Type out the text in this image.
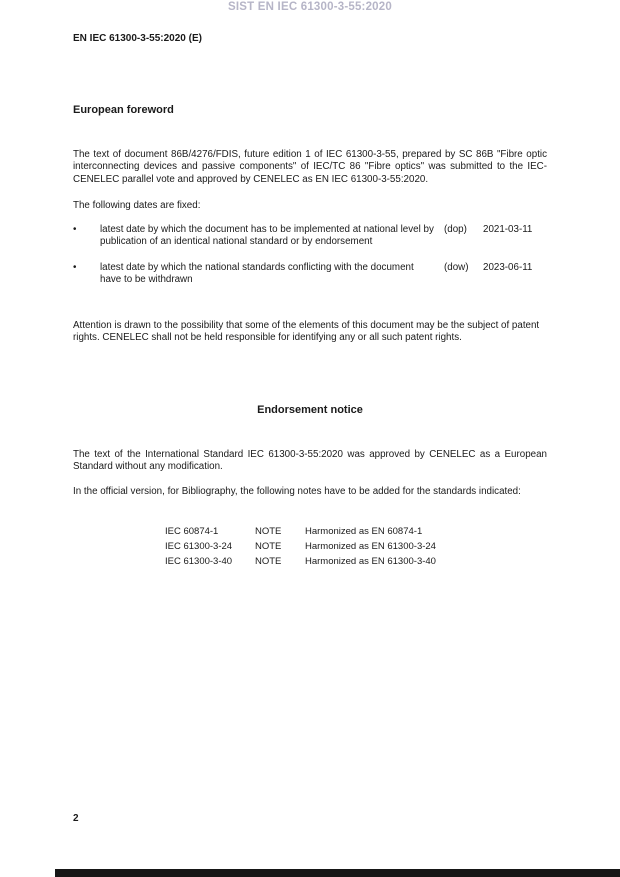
SIST EN IEC 61300-3-55:2020
EN IEC 61300-3-55:2020 (E)
European foreword
The text of document 86B/4276/FDIS, future edition 1 of IEC 61300-3-55, prepared by SC 86B "Fibre optic interconnecting devices and passive components" of IEC/TC 86 "Fibre optics" was submitted to the IEC-CENELEC parallel vote and approved by CENELEC as EN IEC 61300-3-55:2020.
The following dates are fixed:
• latest date by which the document has to be implemented at national level by publication of an identical national standard or by endorsement
(dop) 2021-03-11
• latest date by which the national standards conflicting with the document have to be withdrawn
(dow) 2023-06-11
Attention is drawn to the possibility that some of the elements of this document may be the subject of patent rights. CENELEC shall not be held responsible for identifying any or all such patent rights.
Endorsement notice
The text of the International Standard IEC 61300-3-55:2020 was approved by CENELEC as a European Standard without any modification.
In the official version, for Bibliography, the following notes have to be added for the standards indicated:
IEC 60874-1	NOTE Harmonized as EN 60874-1
IEC 61300-3-24 NOTE Harmonized as EN 61300-3-24
IEC 61300-3-40 NOTE Harmonized as EN 61300-3-40
2
